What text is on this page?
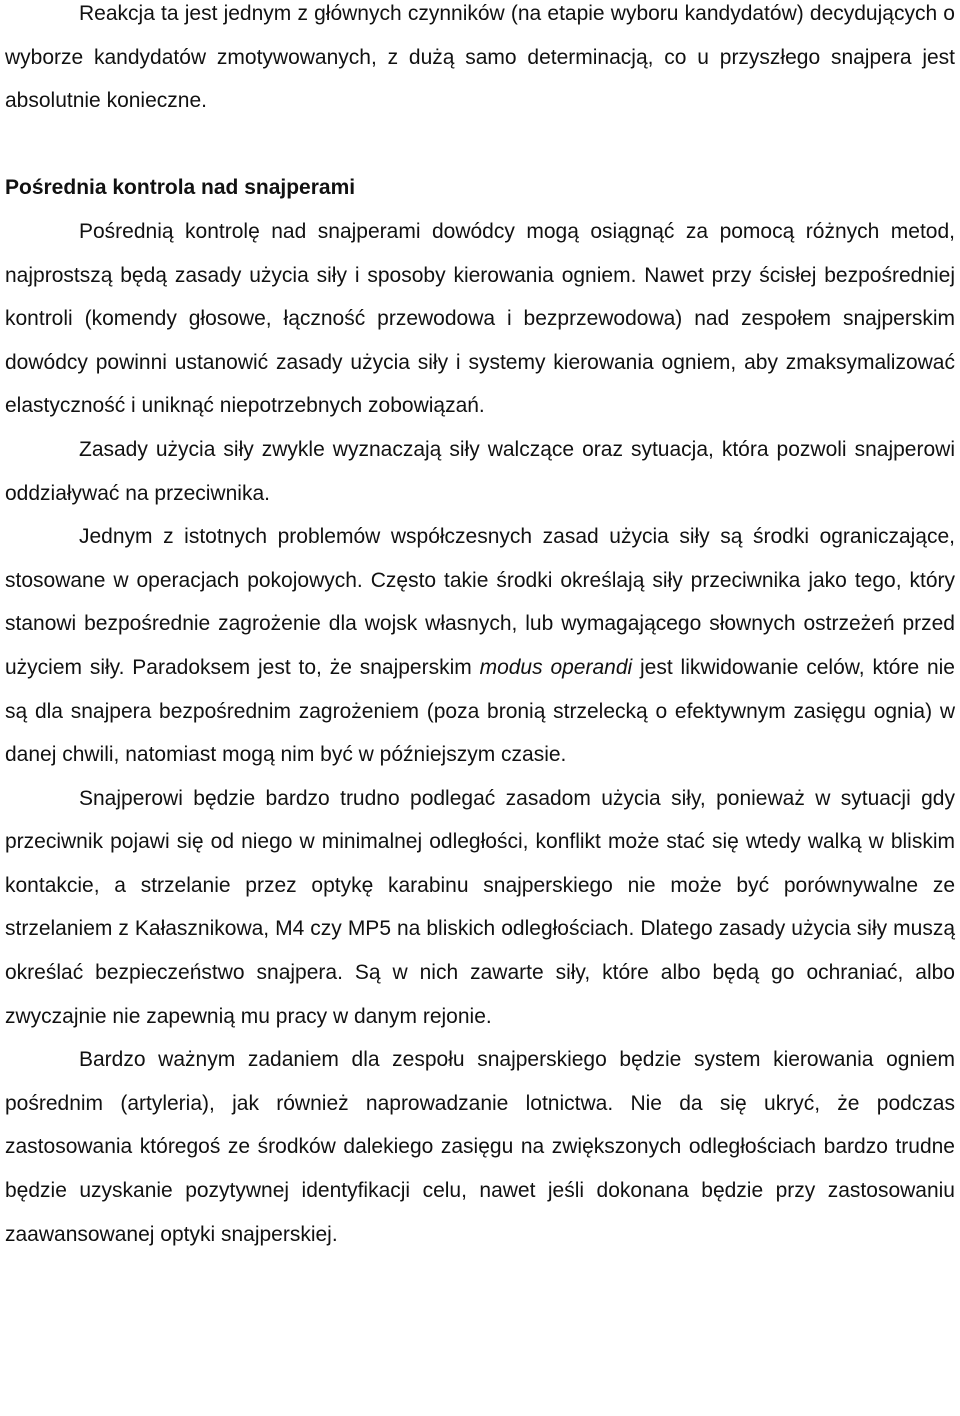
Reakcja ta jest jednym z głównych czynników (na etapie wyboru kandydatów) decydujących o wyborze kandydatów zmotywowanych, z dużą samo determinacją, co u przyszłego snajpera jest absolutnie konieczne.

Pośrednia kontrola nad snajperami

Pośrednią kontrolę nad snajperami dowódcy mogą osiągnąć za pomocą różnych metod, najprostszą będą zasady użycia siły i sposoby kierowania ogniem. Nawet przy ścisłej bezpośredniej kontroli (komendy głosowe, łączność przewodowa i bezprzewodowa) nad zespołem snajperskim dowódcy powinni ustanowić zasady użycia siły i systemy kierowania ogniem, aby zmaksymalizować elastyczność i uniknąć niepotrzebnych zobowiązań.

Zasady użycia siły zwykle wyznaczają siły walczące oraz sytuacja, która pozwoli snajperowi oddziaływać na przeciwnika.

Jednym z istotnych problemów współczesnych zasad użycia siły są środki ograniczające, stosowane w operacjach pokojowych. Często takie środki określają siły przeciwnika jako tego, który stanowi bezpośrednie zagrożenie dla wojsk własnych, lub wymagającego słownych ostrzeżeń przed użyciem siły. Paradoksem jest to, że snajperskim modus operandi jest likwidowanie celów, które nie są dla snajpera bezpośrednim zagrożeniem (poza bronią strzelecką o efektywnym zasięgu ognia) w danej chwili, natomiast mogą nim być w późniejszym czasie.

Snajperowi będzie bardzo trudno podlegać zasadom użycia siły, ponieważ w sytuacji gdy przeciwnik pojawi się od niego w minimalnej odległości, konflikt może stać się wtedy walką w bliskim kontakcie, a strzelanie przez optykę karabinu snajperskiego nie może być porównywalne ze strzelaniem z Kałasznikowa, M4 czy MP5 na bliskich odległościach. Dlatego zasady użycia siły muszą określać bezpieczeństwo snajpera. Są w nich zawarte siły, które albo będą go ochraniać, albo zwyczajnie nie zapewnią mu pracy w danym rejonie.

Bardzo ważnym zadaniem dla zespołu snajperskiego będzie system kierowania ogniem pośrednim (artyleria), jak również naprowadzanie lotnictwa. Nie da się ukryć, że podczas zastosowania któregoś ze środków dalekiego zasięgu na zwiększonych odległościach bardzo trudne będzie uzyskanie pozytywnej identyfikacji celu, nawet jeśli dokonana będzie przy zastosowaniu zaawansowanej optyki snajperskiej.
